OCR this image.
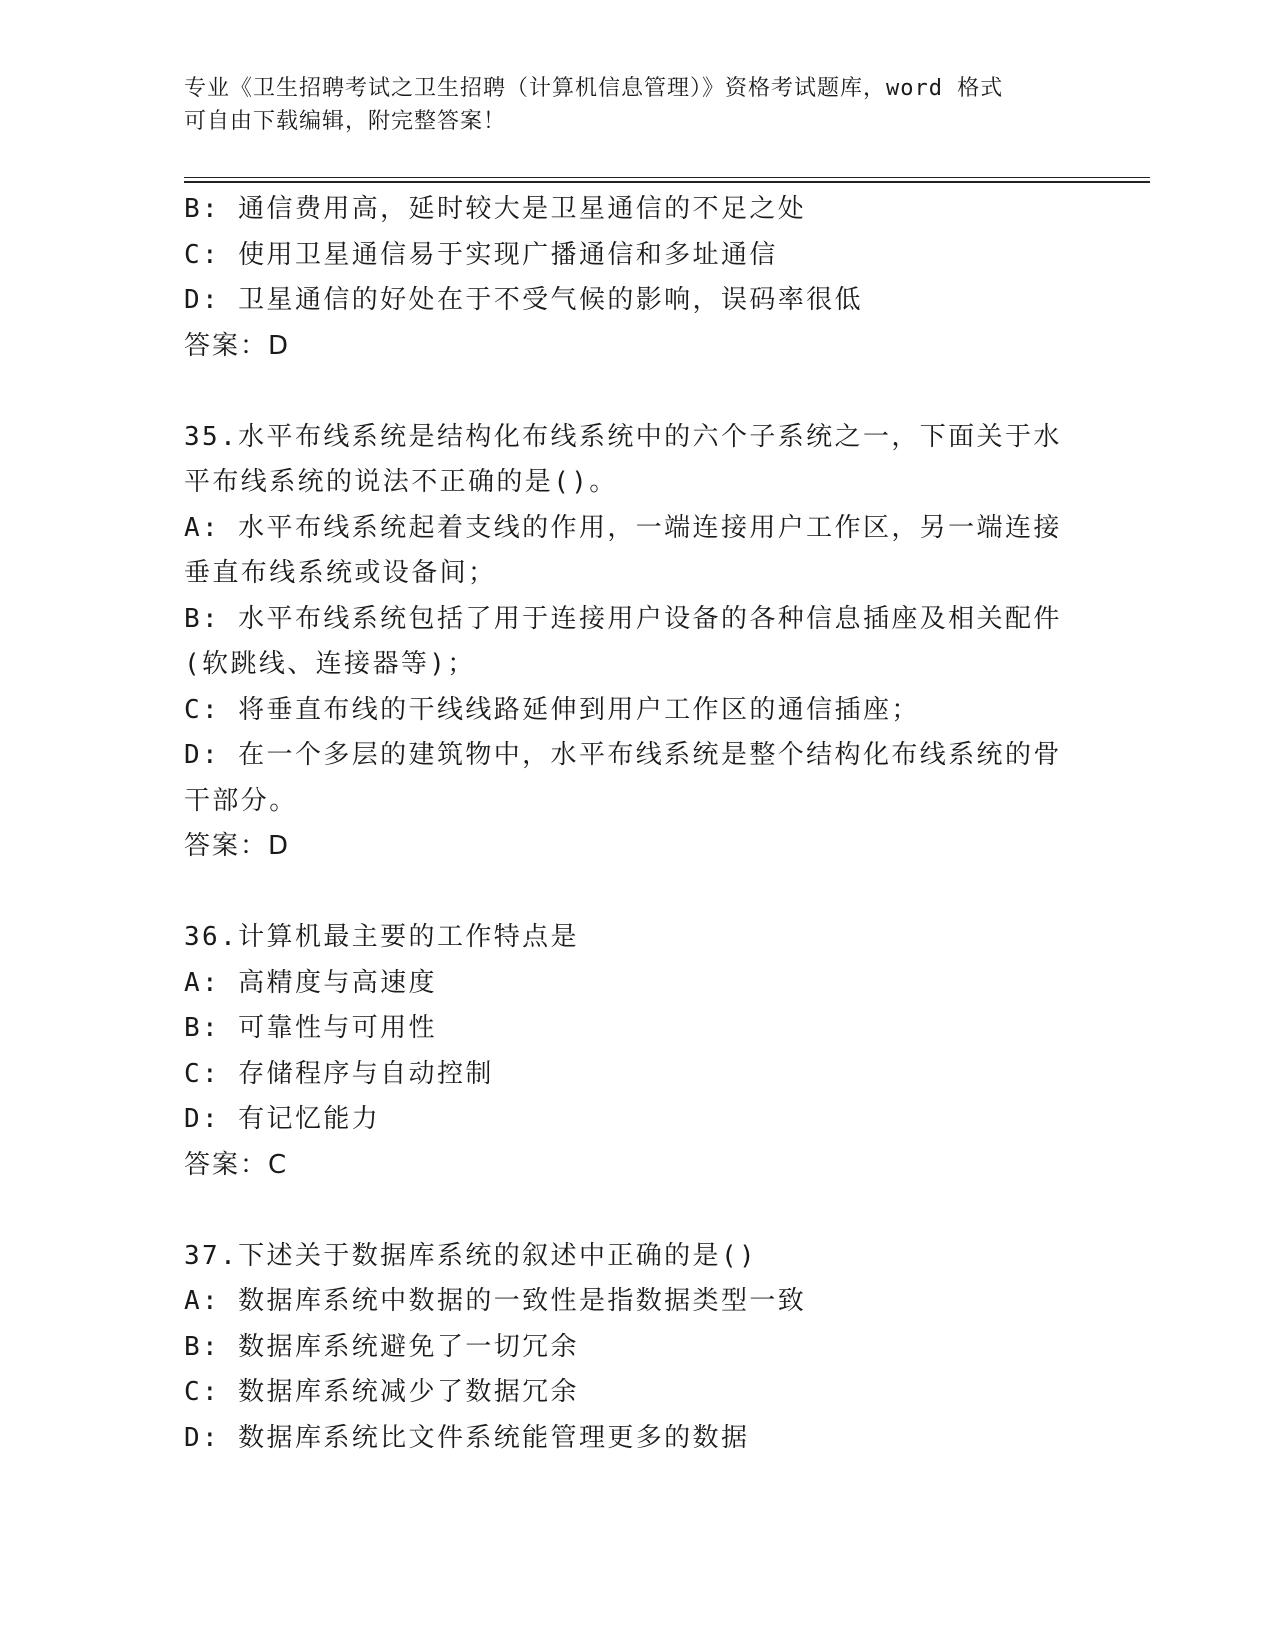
专业《卫生招聘考试之卫生招聘（计算机信息管理）》资格考试题库，word 格式
可自由下载编辑，附完整答案！
B: 通信费用高，延时较大是卫星通信的不足之处
C: 使用卫星通信易于实现广播通信和多址通信
D: 卫星通信的好处在于不受气候的影响，误码率很低
答案：D
35.水平布线系统是结构化布线系统中的六个子系统之一，下面关于水
平布线系统的说法不正确的是()。
A: 水平布线系统起着支线的作用，一端连接用户工作区，另一端连接
垂直布线系统或设备间；
B: 水平布线系统包括了用于连接用户设备的各种信息插座及相关配件
(软跳线、连接器等)；
C: 将垂直布线的干线线路延伸到用户工作区的通信插座；
D: 在一个多层的建筑物中，水平布线系统是整个结构化布线系统的骨
干部分。
答案：D
36.计算机最主要的工作特点是
A: 高精度与高速度
B: 可靠性与可用性
C: 存储程序与自动控制
D: 有记忆能力
答案：C
37.下述关于数据库系统的叙述中正确的是()
A: 数据库系统中数据的一致性是指数据类型一致
B: 数据库系统避免了一切冗余
C: 数据库系统减少了数据冗余
D: 数据库系统比文件系统能管理更多的数据
